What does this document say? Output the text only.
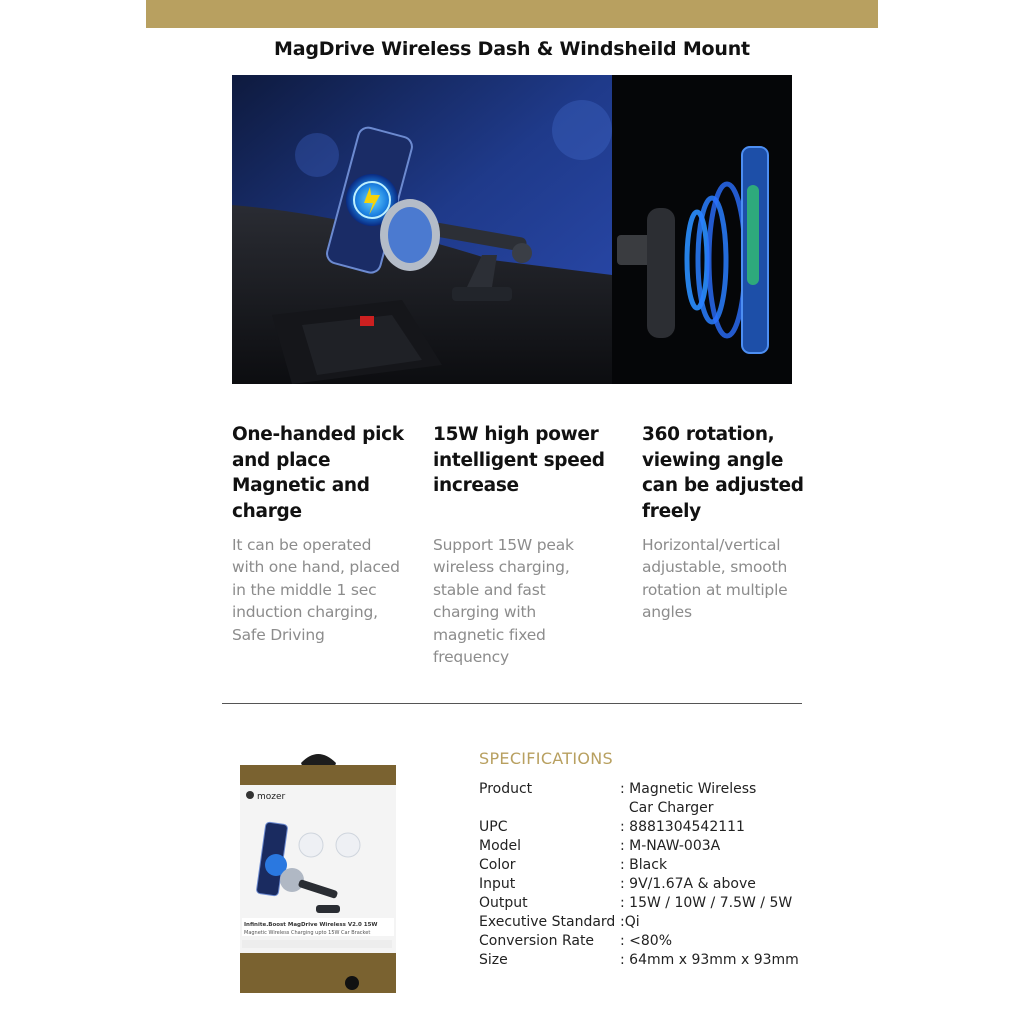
MagDrive Wireless Dash & Windsheild Mount
One-handed pick and place Magnetic and charge

It can be operated with one hand, placed in the middle 1 sec induction charging, Safe Driving

15W high power intelligent speed increase

Support 15W peak wireless charging, stable and fast charging with magnetic fixed frequency

360 rotation, viewing angle can be adjusted freely

Horizontal/vertical adjustable, smooth rotation at multiple angles

mozer
Infinite.Boost MagDrive Wireless V2.0 15W
Magnetic Wireless Charging upto 15W Car Bracket
SPECIFICATIONS
Product	: Magnetic Wireless
Car Charger
UPC	: 8881304542111
Model	: M-NAW-003A
Color	: Black
Input	: 9V/1.67A & above
Output	: 15W / 10W / 7.5W / 5W
Executive Standard :Qi
Conversion Rate : <80%
Size	: 64mm x 93mm x 93mm
